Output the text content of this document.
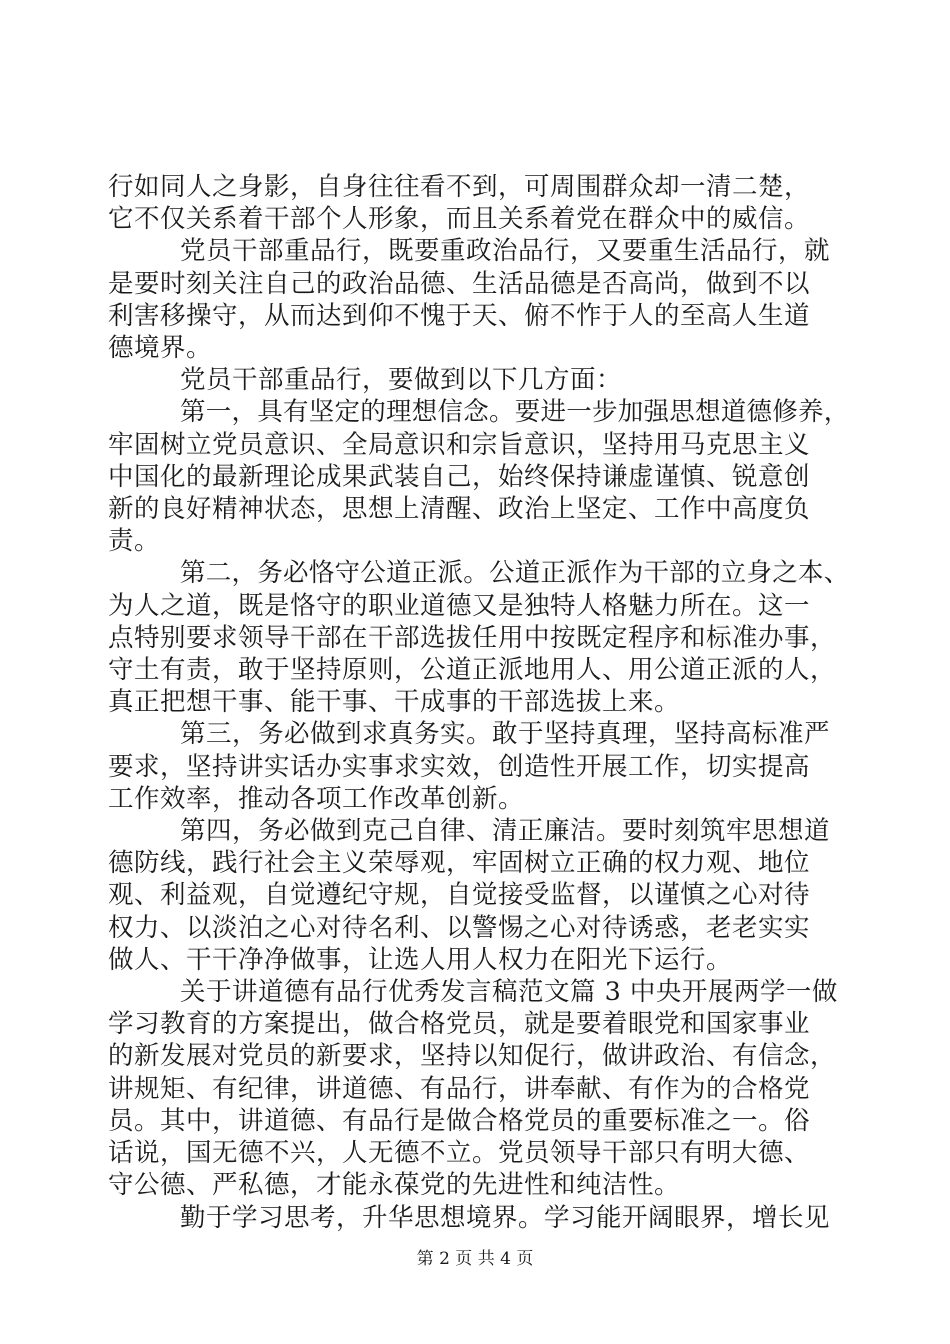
行如同人之身影，自身往往看不到，可周围群众却一清二楚，
它不仅关系着干部个人形象，而且关系着党在群众中的威信。
党员干部重品行，既要重政治品行，又要重生活品行，就
是要时刻关注自己的政治品德、生活品德是否高尚，做到不以
利害移操守，从而达到仰不愧于天、俯不怍于人的至高人生道
德境界。
党员干部重品行，要做到以下几方面：
第一，具有坚定的理想信念。要进一步加强思想道德修养，
牢固树立党员意识、全局意识和宗旨意识，坚持用马克思主义
中国化的最新理论成果武装自己，始终保持谦虚谨慎、锐意创
新的良好精神状态，思想上清醒、政治上坚定、工作中高度负
责。
第二，务必恪守公道正派。公道正派作为干部的立身之本、
为人之道，既是恪守的职业道德又是独特人格魅力所在。这一
点特别要求领导干部在干部选拔任用中按既定程序和标准办事，
守土有责，敢于坚持原则，公道正派地用人、用公道正派的人，
真正把想干事、能干事、干成事的干部选拔上来。
第三，务必做到求真务实。敢于坚持真理，坚持高标准严
要求，坚持讲实话办实事求实效，创造性开展工作，切实提高
工作效率，推动各项工作改革创新。
第四，务必做到克己自律、清正廉洁。要时刻筑牢思想道
德防线，践行社会主义荣辱观，牢固树立正确的权力观、地位
观、利益观，自觉遵纪守规，自觉接受监督，以谨慎之心对待
权力、以淡泊之心对待名利、以警惕之心对待诱惑，老老实实
做人、干干净净做事，让选人用人权力在阳光下运行。
关于讲道德有品行优秀发言稿范文篇 3 中央开展两学一做
学习教育的方案提出，做合格党员，就是要着眼党和国家事业
的新发展对党员的新要求，坚持以知促行，做讲政治、有信念，
讲规矩、有纪律，讲道德、有品行，讲奉献、有作为的合格党
员。其中，讲道德、有品行是做合格党员的重要标准之一。俗
话说，国无德不兴，人无德不立。党员领导干部只有明大德、
守公德、严私德，才能永葆党的先进性和纯洁性。
勤于学习思考，升华思想境界。学习能开阔眼界，增长见
第 2 页 共 4 页
